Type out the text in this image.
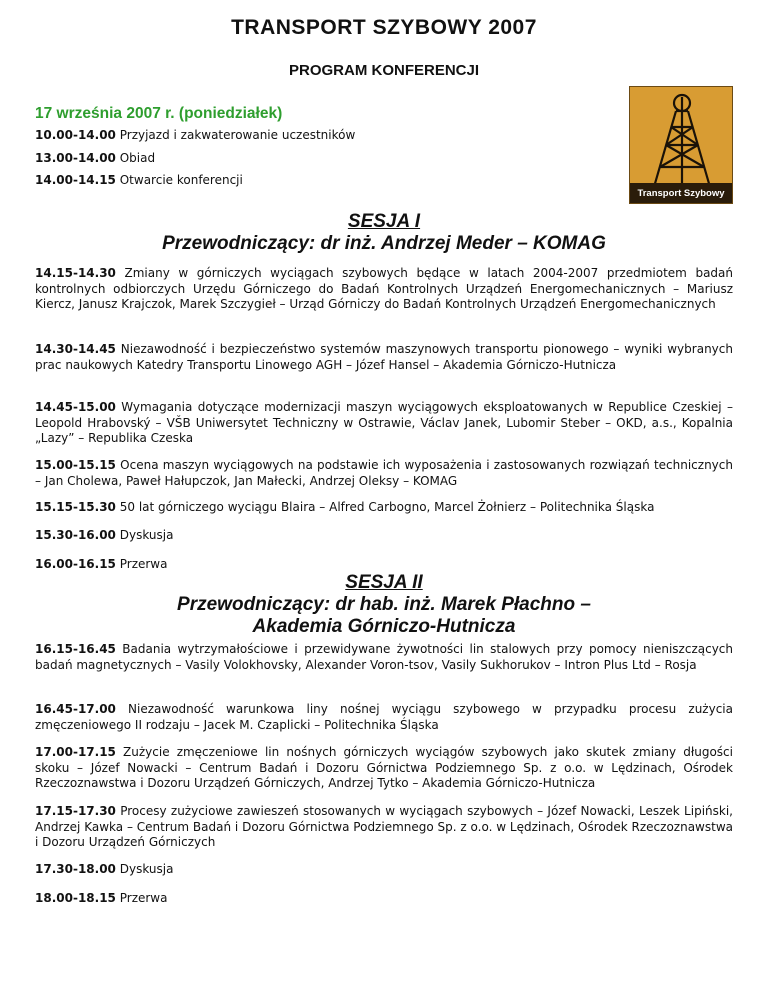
TRANSPORT SZYBOWY 2007
PROGRAM KONFERENCJI
17 września 2007 r. (poniedziałek)
Transport Szybowy
10.00-14.00 Przyjazd i zakwaterowanie uczestników
13.00-14.00 Obiad
14.00-14.15 Otwarcie konferencji
SESJA I
Przewodniczący: dr inż. Andrzej Meder – KOMAG

14.15-14.30 Zmiany w górniczych wyciągach szybowych będące w latach 2004-2007 przedmiotem badań kontrolnych odbiorczych Urzędu Górniczego do Badań Kontrolnych Urządzeń Energomechanicznych – Mariusz Kiercz, Janusz Krajczok, Marek Szczygieł – Urząd Górniczy do Badań Kontrolnych Urządzeń Energomechanicznych

14.30-14.45 Niezawodność i bezpieczeństwo systemów maszynowych transportu pionowego – wyniki wybranych prac naukowych Katedry Transportu Linowego AGH – Józef Hansel – Akademia Górniczo-Hutnicza

14.45-15.00 Wymagania dotyczące modernizacji maszyn wyciągowych eksploatowanych w Republice Czeskiej – Leopold Hrabovský – VŠB Uniwersytet Techniczny w Ostrawie, Václav Janek, Lubomir Steber – OKD, a.s., Kopalnia „Lazy” – Republika Czeska

15.00-15.15 Ocena maszyn wyciągowych na podstawie ich wyposażenia i zastosowanych rozwiązań technicznych – Jan Cholewa, Paweł Hałupczok, Jan Małecki, Andrzej Oleksy – KOMAG

15.15-15.30 50 lat górniczego wyciągu Blaira – Alfred Carbogno, Marcel Żołnierz – Politechnika Śląska

15.30-16.00 Dyskusja

16.00-16.15 Przerwa

SESJA II
Przewodniczący: dr hab. inż. Marek Płachno –
Akademia Górniczo-Hutnicza

16.15-16.45 Badania wytrzymałościowe i przewidywane żywotności lin stalowych przy pomocy nieniszczących badań magnetycznych – Vasily Volokhovsky, Alexander Voron-tsov, Vasily Sukhorukov – Intron Plus Ltd – Rosja

16.45-17.00 Niezawodność warunkowa liny nośnej wyciągu szybowego w przypadku procesu zużycia zmęczeniowego II rodzaju – Jacek M. Czaplicki – Politechnika Śląska

17.00-17.15 Zużycie zmęczeniowe lin nośnych górniczych wyciągów szybowych jako skutek zmiany długości skoku – Józef Nowacki – Centrum Badań i Dozoru Górnictwa Podziemnego Sp. z o.o. w Lędzinach, Ośrodek Rzeczoznawstwa i Dozoru Urządzeń Górniczych, Andrzej Tytko – Akademia Górniczo-Hutnicza

17.15-17.30 Procesy zużyciowe zawieszeń stosowanych w wyciągach szybowych – Józef Nowacki, Leszek Lipiński, Andrzej Kawka – Centrum Badań i Dozoru Górnictwa Podziemnego Sp. z o.o. w Lędzinach, Ośrodek Rzeczoznawstwa i Dozoru Urządzeń Górniczych

17.30-18.00 Dyskusja

18.00-18.15 Przerwa
